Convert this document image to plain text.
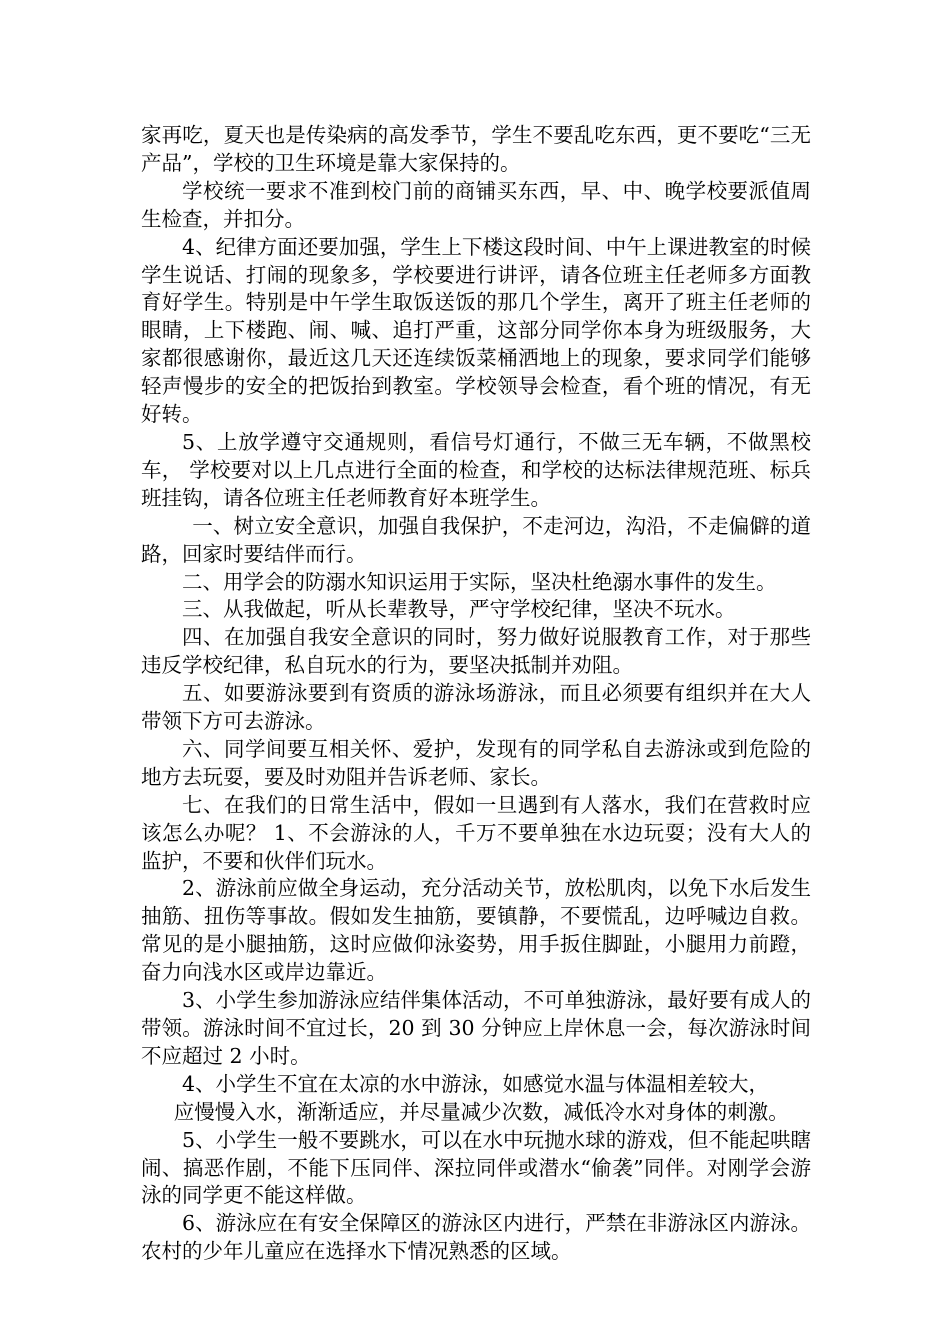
家再吃，夏天也是传染病的高发季节，学生不要乱吃东西，更不要吃“三无产品”，学校的卫生环境是靠大家保持的。

学校统一要求不准到校门前的商铺买东西，早、中、晚学校要派值周生检查，并扣分。

4、纪律方面还要加强，学生上下楼这段时间、中午上课进教室的时候学生说话、打闹的现象多，学校要进行讲评，请各位班主任老师多方面教育好学生。特别是中午学生取饭送饭的那几个学生，离开了班主任老师的眼睛，上下楼跑、闹、喊、追打严重，这部分同学你本身为班级服务，大家都很感谢你，最近这几天还连续饭菜桶洒地上的现象，要求同学们能够轻声慢步的安全的把饭抬到教室。学校领导会检查，看个班的情况，有无好转。

5、上放学遵守交通规则，看信号灯通行，不做三无车辆，不做黑校车， 学校要对以上几点进行全面的检查，和学校的达标法律规范班、标兵班挂钩，请各位班主任老师教育好本班学生。

一、树立安全意识，加强自我保护，不走河边，沟沿，不走偏僻的道路，回家时要结伴而行。

二、用学会的防溺水知识运用于实际，坚决杜绝溺水事件的发生。

三、从我做起，听从长辈教导，严守学校纪律，坚决不玩水。

四、在加强自我安全意识的同时，努力做好说服教育工作，对于那些违反学校纪律，私自玩水的行为，要坚决抵制并劝阻。

五、如要游泳要到有资质的游泳场游泳，而且必须要有组织并在大人带领下方可去游泳。

六、同学间要互相关怀、爱护，发现有的同学私自去游泳或到危险的地方去玩耍，要及时劝阻并告诉老师、家长。

七、在我们的日常生活中，假如一旦遇到有人落水，我们在营救时应该怎么办呢？ 1、不会游泳的人，千万不要单独在水边玩耍；没有大人的监护，不要和伙伴们玩水。

2、游泳前应做全身运动，充分活动关节，放松肌肉，以免下水后发生抽筋、扭伤等事故。假如发生抽筋，要镇静，不要慌乱，边呼喊边自救。常见的是小腿抽筋，这时应做仰泳姿势，用手扳住脚趾，小腿用力前蹬，奋力向浅水区或岸边靠近。

3、小学生参加游泳应结伴集体活动，不可单独游泳，最好要有成人的带领。游泳时间不宜过长，20 到 30 分钟应上岸休息一会，每次游泳时间不应超过 2 小时。

4、小学生不宜在太凉的水中游泳，如感觉水温与体温相差较大，

应慢慢入水，渐渐适应，并尽量减少次数，减低冷水对身体的刺激。

5、小学生一般不要跳水，可以在水中玩抛水球的游戏，但不能起哄瞎闹、搞恶作剧，不能下压同伴、深拉同伴或潜水“偷袭”同伴。对刚学会游泳的同学更不能这样做。

6、游泳应在有安全保障区的游泳区内进行，严禁在非游泳区内游泳。农村的少年儿童应在选择水下情况熟悉的区域。
